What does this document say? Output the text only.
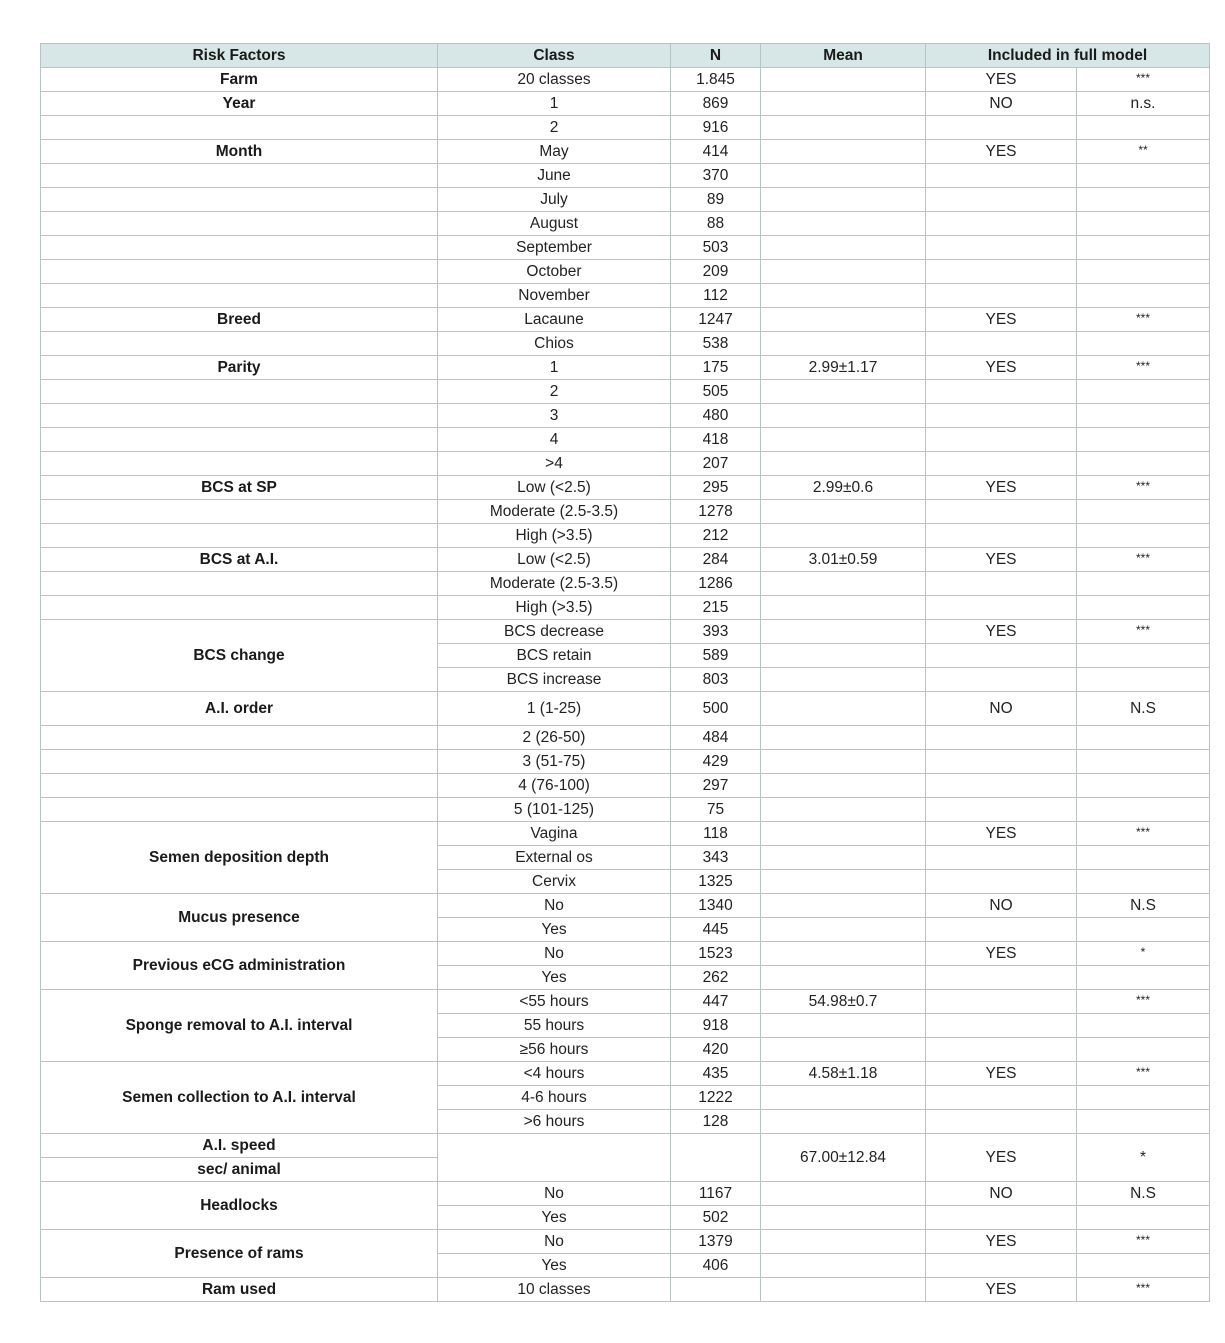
Risk Factors	Class	N	Mean	Included in full model	
Farm	20 classes	1.845		YES	***
Year	1	869		NO	n.s.
	2	916			
Month	May	414		YES	**
	June	370			
	July	89			
	August	88			
	September	503			
	October	209			
	November	112			
Breed	Lacaune	1247		YES	***
	Chios	538			
Parity	1	175	2.99±1.17	YES	***
	2	505			
	3	480			
	4	418			
	>4	207			
BCS at SP	Low (<2.5)	295	2.99±0.6	YES	***
	Moderate (2.5-3.5)	1278			
	High (>3.5)	212			
BCS at A.I.	Low (<2.5)	284	3.01±0.59	YES	***
	Moderate (2.5-3.5)	1286			
	High (>3.5)	215			
BCS change	BCS decrease	393		YES	***
	BCS retain	589			
	BCS increase	803			
A.I. order	1 (1-25)	500		NO	N.S
	2 (26-50)	484			
	3 (51-75)	429			
	4 (76-100)	297			
	5 (101-125)	75			
Semen deposition depth	Vagina	118		YES	***
	External os	343			
	Cervix	1325			
Mucus presence	No	1340		NO	N.S
	Yes	445			
Previous eCG administration	No	1523		YES	*
	Yes	262			
Sponge removal to A.I. interval	<55 hours	447	54.98±0.7		***
	55 hours	918			
	≥56 hours	420			
Semen collection to A.I. interval	<4 hours	435	4.58±1.18	YES	***
	4-6 hours	1222			
	>6 hours	128			
A.I. speed			67.00±12.84	YES	*
sec/ animal					
Headlocks	No	1167		NO	N.S
	Yes	502			
Presence of rams	No	1379		YES	***
	Yes	406			
Ram used	10 classes			YES	***
